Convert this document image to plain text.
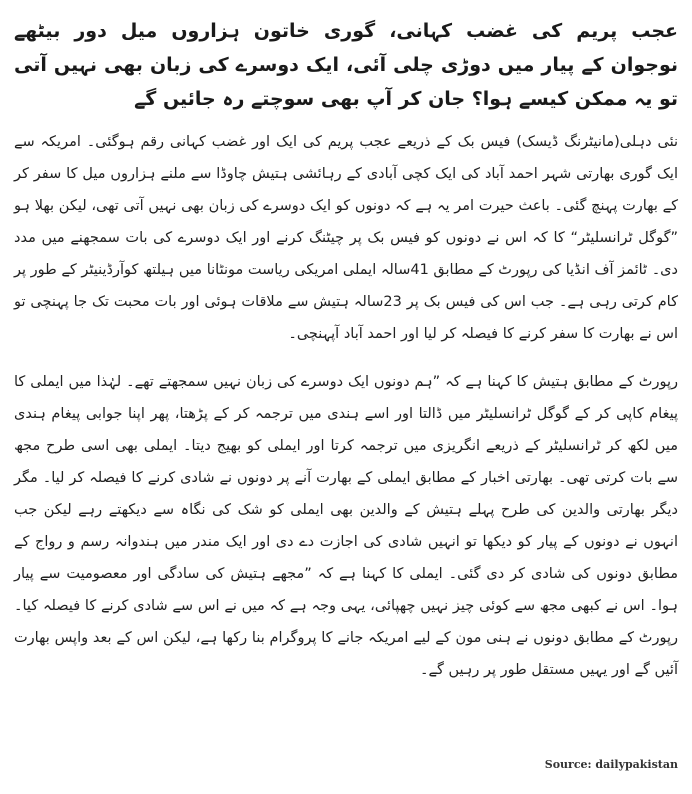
عجب پریم کی غضب کہانی، گوری خاتون ہزاروں میل دور بیٹھے نوجوان کے پیار میں دوڑی چلی آئی، ایک دوسرے کی زبان بھی نہیں آتی تو یہ ممکن کیسے ہوا؟ جان کر آپ بھی سوچتے رہ جائیں گے
نئی دہلی(مانیٹرنگ ڈیسک) فیس بک کے ذریعے عجب پریم کی ایک اور غضب کہانی رقم ہوگئی۔ امریکہ سے ایک گوری بھارتی شہر احمد آباد کی ایک کچی آبادی کے رہائشی ہتیش چاوڈا سے ملنے ہزاروں میل کا سفر کر کے بھارت پہنچ گئی۔ باعث حیرت امر یہ ہے کہ دونوں کو ایک دوسرے کی زبان بھی نہیں آتی تھی، لیکن بھلا ہو ”گوگل ٹرانسلیٹر“ کا کہ اس نے دونوں کو فیس بک پر چیٹنگ کرنے اور ایک دوسرے کی بات سمجھنے میں مدد دی۔ ٹائمز آف انڈیا کی رپورٹ کے مطابق 41سالہ ایملی امریکی ریاست مونٹانا میں ہیلتھ کوآرڈینیٹر کے طور پر کام کرتی رہی ہے۔ جب اس کی فیس بک پر 23سالہ ہتیش سے ملاقات ہوئی اور بات محبت تک جا پہنچی تو اس نے بھارت کا سفر کرنے کا فیصلہ کر لیا اور احمد آباد آپہنچی۔
رپورٹ کے مطابق ہتیش کا کہنا ہے کہ ”ہم دونوں ایک دوسرے کی زبان نہیں سمجھتے تھے۔ لہٰذا میں ایملی کا پیغام کاپی کر کے گوگل ٹرانسلیٹر میں ڈالتا اور اسے ہندی میں ترجمہ کر کے پڑھتا، پھر اپنا جوابی پیغام ہندی میں لکھ کر ٹرانسلیٹر کے ذریعے انگریزی میں ترجمہ کرتا اور ایملی کو بھیج دیتا۔ ایملی بھی اسی طرح مجھ سے بات کرتی تھی۔ بھارتی اخبار کے مطابق ایملی کے بھارت آنے پر دونوں نے شادی کرنے کا فیصلہ کر لیا۔ مگر دیگر بھارتی والدین کی طرح پہلے ہتیش کے والدین بھی ایملی کو شک کی نگاہ سے دیکھتے رہے لیکن جب انہوں نے دونوں کے پیار کو دیکھا تو انہیں شادی کی اجازت دے دی اور ایک مندر میں ہندوانہ رسم و رواج کے مطابق دونوں کی شادی کر دی گئی۔ ایملی کا کہنا ہے کہ ”مجھے ہتیش کی سادگی اور معصومیت سے پیار ہوا۔ اس نے کبھی مجھ سے کوئی چیز نہیں چھپائی، یہی وجہ ہے کہ میں نے اس سے شادی کرنے کا فیصلہ کیا۔ رپورٹ کے مطابق دونوں نے ہنی مون کے لیے امریکہ جانے کا پروگرام بنا رکھا ہے، لیکن اس کے بعد واپس بھارت آئیں گے اور یہیں مستقل طور پر رہیں گے۔
Source: dailypakistan
